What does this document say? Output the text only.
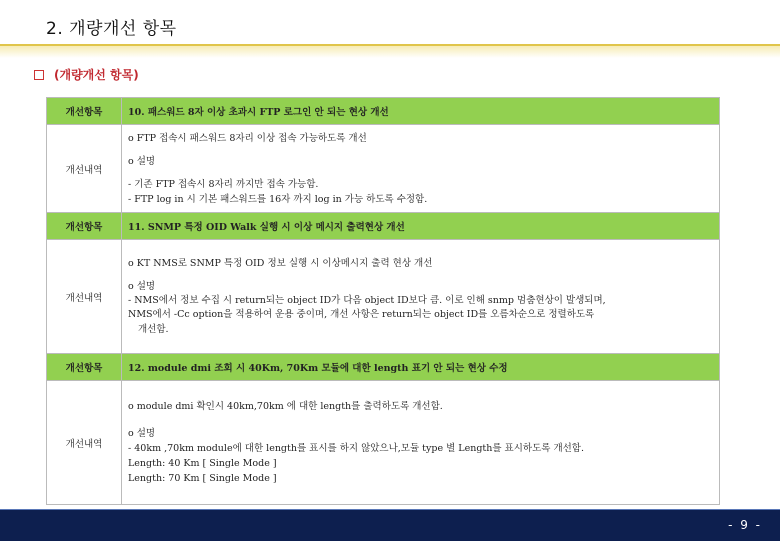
2. 개량개선 항목
(개량개선 항목)
개선항목	10. 패스워드 8자 이상 초과시 FTP 로그인 안 되는 현상 개선
개선내역	o FTP 접속시 패스워드 8자리 이상 접속 가능하도록 개선
o 설명
- 기존 FTP 접속시 8자리 까지만 접속 가능함.
- FTP log in 시 기본 패스워드를 16자 까지 log in 가능 하도록 수정함.

개선항목	11. SNMP 특정 OID Walk 실행 시 이상 메시지 출력현상 개선
개선내역	o KT NMS로 SNMP 특정 OID 정보 실행 시 이상메시지 출력 현상 개선
o 설명
- NMS에서 정보 수집 시 return되는 object ID가 다음 object ID보다 큼. 이로 인해 snmp 멈춤현상이 발생되며,
NMS에서 -Cc option을 적용하여 운용 중이며, 개선 사항은 return되는 object ID를 오름차순으로 정렬하도록
개선함.

개선항목	12. module dmi 조회 시 40Km, 70Km 모듈에 대한 length 표기 안 되는 현상 수정
개선내역	o module dmi 확인시 40km,70km 에 대한 length를 출력하도록 개선함.
o 설명
- 40km ,70km module에 대한 length를 표시를 하지 않았으나,모듈 type 별 Length를 표시하도록 개선함.
Length: 40 Km [ Single Mode ]
Length: 70 Km [ Single Mode ]
- 9 -
